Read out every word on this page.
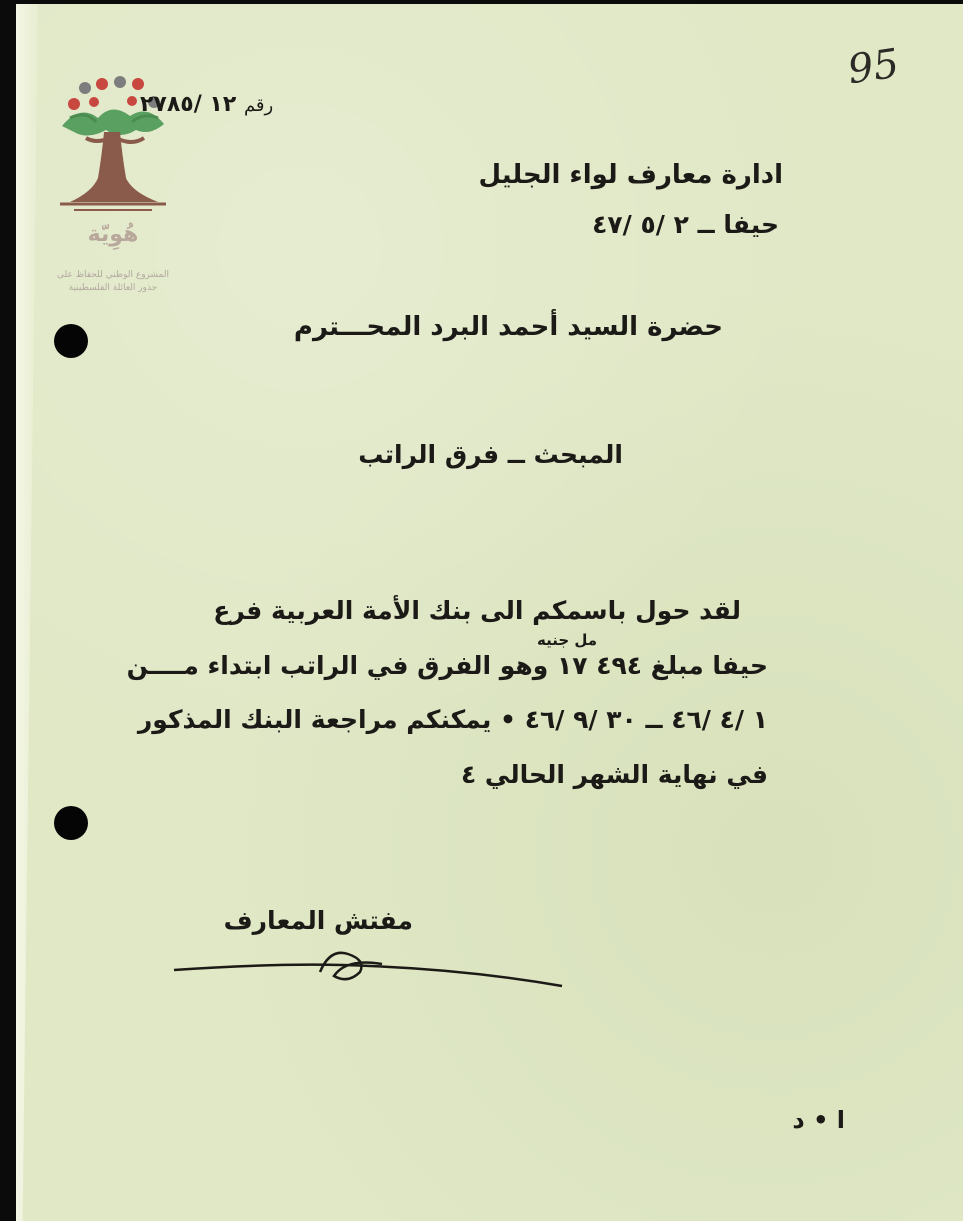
هُوِيّة
المشروع الوطني للحفاظ على
جذور العائلة الفلسطينية
95
رقم ١٢ /٢٧٨٥
ادارة معارف لواء الجليل
حيفا ــ ٢ /٥ /٤٧
حضرة السيد أحمد البرد المحـــترم
المبحث ــ فرق الراتب
لقد حول باسمكم الى بنك الأمة العربية فرع
مل جنيه
حيفا مبلغ ٤٩٤ ١٧ وهو الفرق في الراتب ابتداء مــــن
١ /٤ /٤٦ ــ ٣٠ /٩ /٤٦ • يمكنكم مراجعة البنك المذكور
في نهاية الشهر الحالي ٤
مفتش المعارف
ا • د
